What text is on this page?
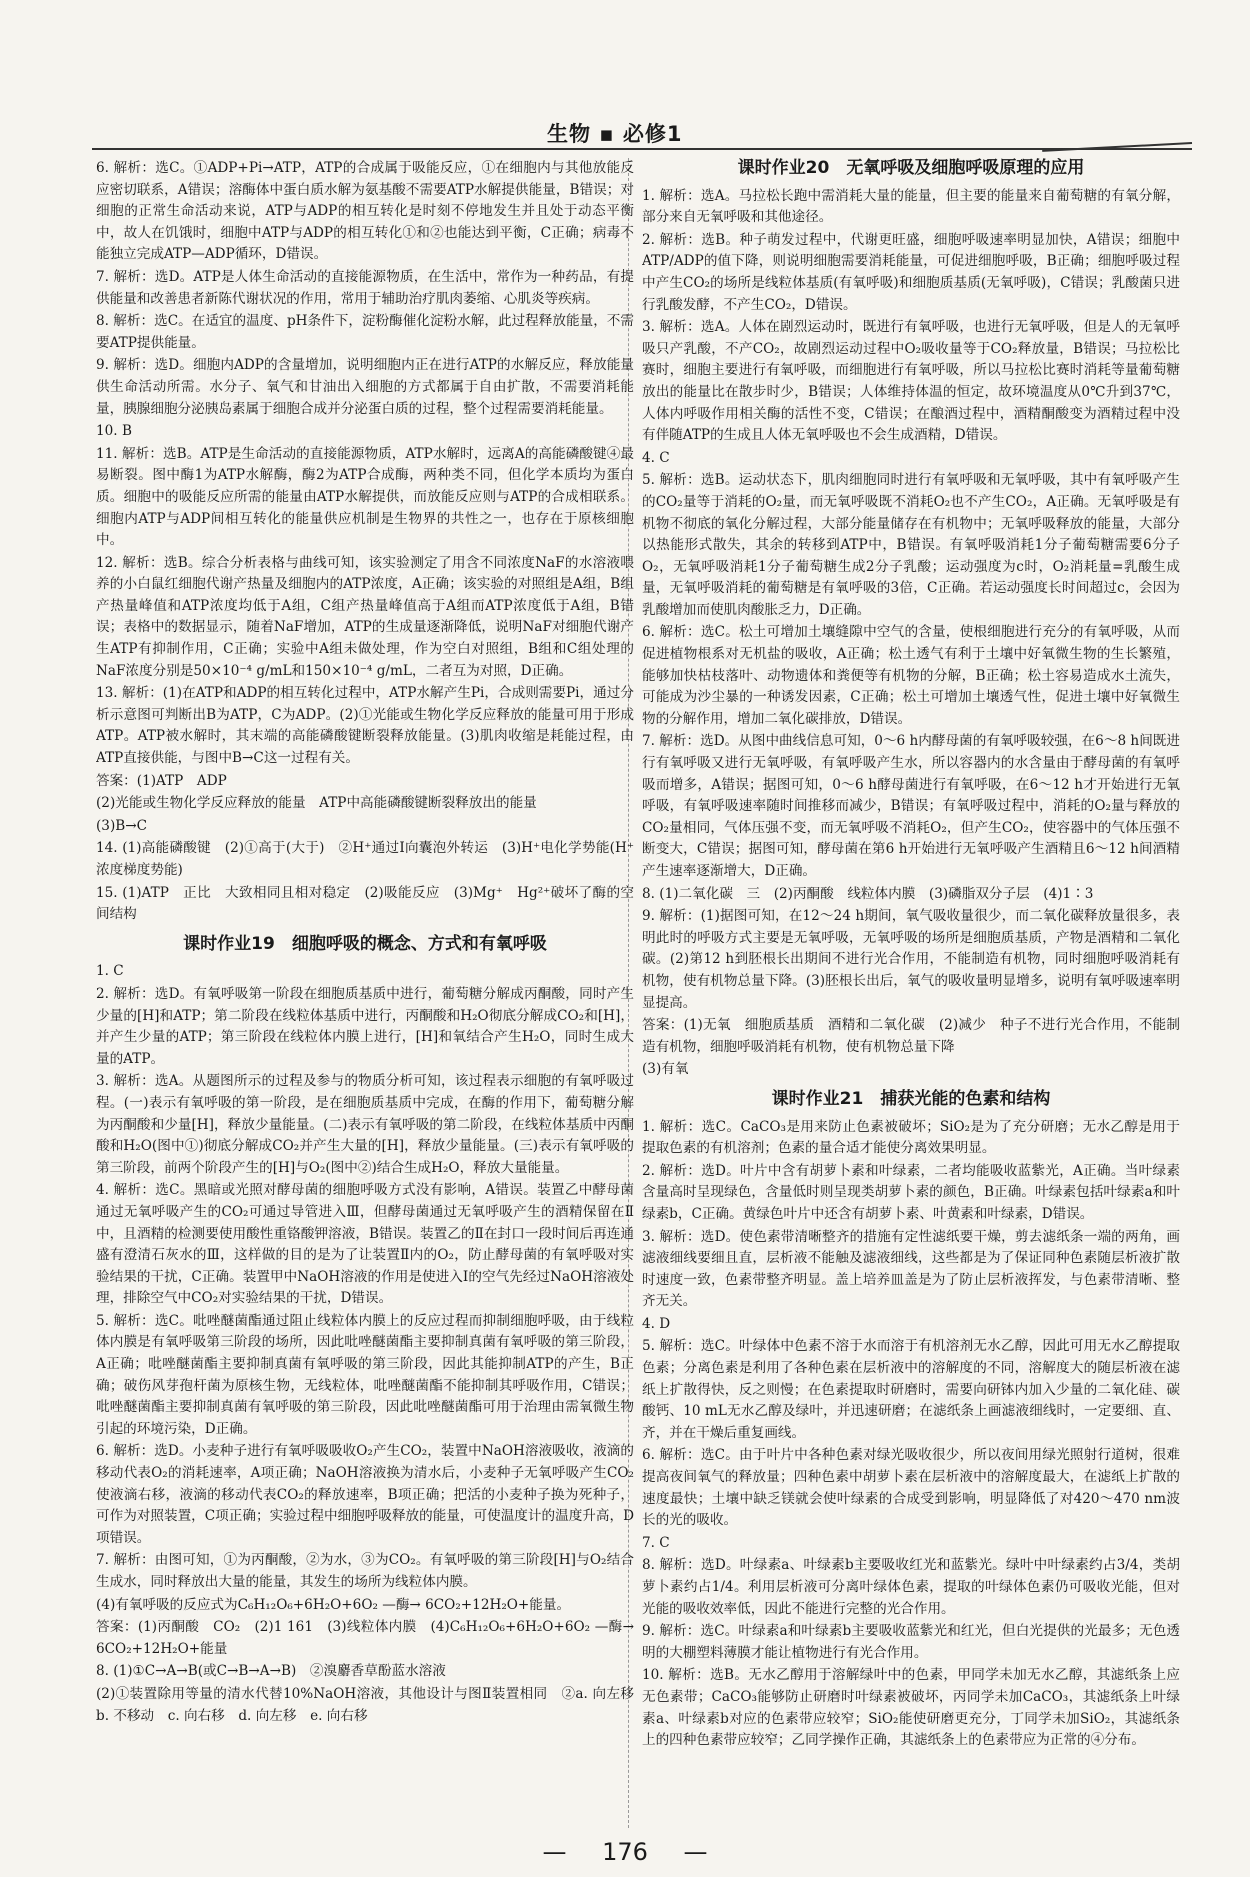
生物 ▪ 必修1

6. 解析：选C。①ADP+Pi→ATP，ATP的合成属于吸能反应，①在细胞内与其他放能反应密切联系，A错误；溶酶体中蛋白质水解为氨基酸不需要ATP水解提供能量，B错误；对细胞的正常生命活动来说，ATP与ADP的相互转化是时刻不停地发生并且处于动态平衡中，故人在饥饿时，细胞中ATP与ADP的相互转化①和②也能达到平衡，C正确；病毒不能独立完成ATP—ADP循环，D错误。

7. 解析：选D。ATP是人体生命活动的直接能源物质，在生活中，常作为一种药品，有提供能量和改善患者新陈代谢状况的作用，常用于辅助治疗肌肉萎缩、心肌炎等疾病。

8. 解析：选C。在适宜的温度、pH条件下，淀粉酶催化淀粉水解，此过程释放能量，不需要ATP提供能量。

9. 解析：选D。细胞内ADP的含量增加，说明细胞内正在进行ATP的水解反应，释放能量供生命活动所需。水分子、氧气和甘油出入细胞的方式都属于自由扩散，不需要消耗能量，胰腺细胞分泌胰岛素属于细胞合成并分泌蛋白质的过程，整个过程需要消耗能量。

10. B

11. 解析：选B。ATP是生命活动的直接能源物质，ATP水解时，远离A的高能磷酸键④最易断裂。图中酶1为ATP水解酶，酶2为ATP合成酶，两种类不同，但化学本质均为蛋白质。细胞中的吸能反应所需的能量由ATP水解提供，而放能反应则与ATP的合成相联系。细胞内ATP与ADP间相互转化的能量供应机制是生物界的共性之一，也存在于原核细胞中。

12. 解析：选B。综合分析表格与曲线可知，该实验测定了用含不同浓度NaF的水溶液喂养的小白鼠红细胞代谢产热量及细胞内的ATP浓度，A正确；该实验的对照组是A组，B组产热量峰值和ATP浓度均低于A组，C组产热量峰值高于A组而ATP浓度低于A组，B错误；表格中的数据显示，随着NaF增加，ATP的生成量逐渐降低，说明NaF对细胞代谢产生ATP有抑制作用，C正确；实验中A组未做处理，作为空白对照组，B组和C组处理的NaF浓度分别是50×10⁻⁴ g/mL和150×10⁻⁴ g/mL，二者互为对照，D正确。

13. 解析：(1)在ATP和ADP的相互转化过程中，ATP水解产生Pi，合成则需要Pi，通过分析示意图可判断出B为ATP，C为ADP。(2)①光能或生物化学反应释放的能量可用于形成ATP。ATP被水解时，其末端的高能磷酸键断裂释放能量。(3)肌肉收缩是耗能过程，由ATP直接供能，与图中B→C这一过程有关。

答案：(1)ATP　ADP

(2)光能或生物化学反应释放的能量　ATP中高能磷酸键断裂释放出的能量

(3)B→C

14. (1)高能磷酸键　(2)①高于(大于)　②H⁺通过Ⅰ向囊泡外转运　(3)H⁺电化学势能(H⁺浓度梯度势能)

15. (1)ATP　正比　大致相同且相对稳定　(2)吸能反应　(3)Mg⁺　Hg²⁺破坏了酶的空间结构

课时作业19　细胞呼吸的概念、方式和有氧呼吸

1. C

2. 解析：选D。有氧呼吸第一阶段在细胞质基质中进行，葡萄糖分解成丙酮酸，同时产生少量的[H]和ATP；第二阶段在线粒体基质中进行，丙酮酸和H₂O彻底分解成CO₂和[H]，并产生少量的ATP；第三阶段在线粒体内膜上进行，[H]和氧结合产生H₂O，同时生成大量的ATP。

3. 解析：选A。从题图所示的过程及参与的物质分析可知，该过程表示细胞的有氧呼吸过程。(一)表示有氧呼吸的第一阶段，是在细胞质基质中完成，在酶的作用下，葡萄糖分解为丙酮酸和少量[H]，释放少量能量。(二)表示有氧呼吸的第二阶段，在线粒体基质中丙酮酸和H₂O(图中①)彻底分解成CO₂并产生大量的[H]，释放少量能量。(三)表示有氧呼吸的第三阶段，前两个阶段产生的[H]与O₂(图中②)结合生成H₂O，释放大量能量。

4. 解析：选C。黑暗或光照对酵母菌的细胞呼吸方式没有影响，A错误。装置乙中酵母菌通过无氧呼吸产生的CO₂可通过导管进入Ⅲ，但酵母菌通过无氧呼吸产生的酒精保留在Ⅱ中，且酒精的检测要使用酸性重铬酸钾溶液，B错误。装置乙的Ⅱ在封口一段时间后再连通盛有澄清石灰水的Ⅲ，这样做的目的是为了让装置Ⅱ内的O₂，防止酵母菌的有氧呼吸对实验结果的干扰，C正确。装置甲中NaOH溶液的作用是使进入Ⅰ的空气先经过NaOH溶液处理，排除空气中CO₂对实验结果的干扰，D错误。

5. 解析：选C。吡唑醚菌酯通过阻止线粒体内膜上的反应过程而抑制细胞呼吸，由于线粒体内膜是有氧呼吸第三阶段的场所，因此吡唑醚菌酯主要抑制真菌有氧呼吸的第三阶段，A正确；吡唑醚菌酯主要抑制真菌有氧呼吸的第三阶段，因此其能抑制ATP的产生，B正确；破伤风芽孢杆菌为原核生物，无线粒体，吡唑醚菌酯不能抑制其呼吸作用，C错误；吡唑醚菌酯主要抑制真菌有氧呼吸的第三阶段，因此吡唑醚菌酯可用于治理由需氧微生物引起的环境污染，D正确。

6. 解析：选D。小麦种子进行有氧呼吸吸收O₂产生CO₂，装置中NaOH溶液吸收，液滴的移动代表O₂的消耗速率，A项正确；NaOH溶液换为清水后，小麦种子无氧呼吸产生CO₂使液滴右移，液滴的移动代表CO₂的释放速率，B项正确；把活的小麦种子换为死种子，可作为对照装置，C项正确；实验过程中细胞呼吸释放的能量，可使温度计的温度升高，D项错误。

7. 解析：由图可知，①为丙酮酸，②为水，③为CO₂。有氧呼吸的第三阶段[H]与O₂结合生成水，同时释放出大量的能量，其发生的场所为线粒体内膜。

(4)有氧呼吸的反应式为C₆H₁₂O₆+6H₂O+6O₂ —酶→ 6CO₂+12H₂O+能量。

答案：(1)丙酮酸　CO₂　(2)1 161　(3)线粒体内膜　(4)C₆H₁₂O₆+6H₂O+6O₂ —酶→ 6CO₂+12H₂O+能量

8. (1)①C→A→B(或C→B→A→B)　②溴麝香草酚蓝水溶液

(2)①装置除用等量的清水代替10%NaOH溶液，其他设计与图Ⅱ装置相同　②a. 向左移　b. 不移动　c. 向右移　d. 向左移　e. 向右移

课时作业20　无氧呼吸及细胞呼吸原理的应用

1. 解析：选A。马拉松长跑中需消耗大量的能量，但主要的能量来自葡萄糖的有氧分解，部分来自无氧呼吸和其他途径。

2. 解析：选B。种子萌发过程中，代谢更旺盛，细胞呼吸速率明显加快，A错误；细胞中ATP/ADP的值下降，则说明细胞需要消耗能量，可促进细胞呼吸，B正确；细胞呼吸过程中产生CO₂的场所是线粒体基质(有氧呼吸)和细胞质基质(无氧呼吸)，C错误；乳酸菌只进行乳酸发酵，不产生CO₂，D错误。

3. 解析：选A。人体在剧烈运动时，既进行有氧呼吸，也进行无氧呼吸，但是人的无氧呼吸只产乳酸，不产CO₂，故剧烈运动过程中O₂吸收量等于CO₂释放量，B错误；马拉松比赛时，细胞主要进行有氧呼吸，而细胞进行有氧呼吸，所以马拉松比赛时消耗等量葡萄糖放出的能量比在散步时少，B错误；人体维持体温的恒定，故环境温度从0℃升到37℃，人体内呼吸作用相关酶的活性不变，C错误；在酿酒过程中，酒精酮酸变为酒精过程中没有伴随ATP的生成且人体无氧呼吸也不会生成酒精，D错误。

4. C

5. 解析：选B。运动状态下，肌肉细胞同时进行有氧呼吸和无氧呼吸，其中有氧呼吸产生的CO₂量等于消耗的O₂量，而无氧呼吸既不消耗O₂也不产生CO₂，A正确。无氧呼吸是有机物不彻底的氧化分解过程，大部分能量储存在有机物中；无氧呼吸释放的能量，大部分以热能形式散失，其余的转移到ATP中，B错误。有氧呼吸消耗1分子葡萄糖需要6分子O₂，无氧呼吸消耗1分子葡萄糖生成2分子乳酸；运动强度为c时，O₂消耗量=乳酸生成量，无氧呼吸消耗的葡萄糖是有氧呼吸的3倍，C正确。若运动强度长时间超过c，会因为乳酸增加而使肌肉酸胀乏力，D正确。

6. 解析：选C。松土可增加土壤缝隙中空气的含量，使根细胞进行充分的有氧呼吸，从而促进植物根系对无机盐的吸收，A正确；松土透气有利于土壤中好氧微生物的生长繁殖，能够加快枯枝落叶、动物遗体和粪便等有机物的分解，B正确；松土容易造成水土流失，可能成为沙尘暴的一种诱发因素，C正确；松土可增加土壤透气性，促进土壤中好氧微生物的分解作用，增加二氧化碳排放，D错误。

7. 解析：选D。从图中曲线信息可知，0～6 h内酵母菌的有氧呼吸较强，在6～8 h间既进行有氧呼吸又进行无氧呼吸，有氧呼吸产生水，所以容器内的水含量由于酵母菌的有氧呼吸而增多，A错误；据图可知，0～6 h酵母菌进行有氧呼吸，在6～12 h才开始进行无氧呼吸，有氧呼吸速率随时间推移而减少，B错误；有氧呼吸过程中，消耗的O₂量与释放的CO₂量相同，气体压强不变，而无氧呼吸不消耗O₂，但产生CO₂，使容器中的气体压强不断变大，C错误；据图可知，酵母菌在第6 h开始进行无氧呼吸产生酒精且6～12 h间酒精产生速率逐渐增大，D正确。

8. (1)二氧化碳　三　(2)丙酮酸　线粒体内膜　(3)磷脂双分子层　(4)1∶3

9. 解析：(1)据图可知，在12～24 h期间，氧气吸收量很少，而二氧化碳释放量很多，表明此时的呼吸方式主要是无氧呼吸，无氧呼吸的场所是细胞质基质，产物是酒精和二氧化碳。(2)第12 h到胚根长出期间不进行光合作用，不能制造有机物，同时细胞呼吸消耗有机物，使有机物总量下降。(3)胚根长出后，氧气的吸收量明显增多，说明有氧呼吸速率明显提高。

答案：(1)无氧　细胞质基质　酒精和二氧化碳　(2)减少　种子不进行光合作用，不能制造有机物，细胞呼吸消耗有机物，使有机物总量下降

(3)有氧

课时作业21　捕获光能的色素和结构

1. 解析：选C。CaCO₃是用来防止色素被破坏；SiO₂是为了充分研磨；无水乙醇是用于提取色素的有机溶剂；色素的量合适才能使分离效果明显。

2. 解析：选D。叶片中含有胡萝卜素和叶绿素，二者均能吸收蓝紫光，A正确。当叶绿素含量高时呈现绿色，含量低时则呈现类胡萝卜素的颜色，B正确。叶绿素包括叶绿素a和叶绿素b，C正确。黄绿色叶片中还含有胡萝卜素、叶黄素和叶绿素，D错误。

3. 解析：选D。使色素带清晰整齐的措施有定性滤纸要干燥，剪去滤纸条一端的两角，画滤液细线要细且直，层析液不能触及滤液细线，这些都是为了保证同种色素随层析液扩散时速度一致，色素带整齐明显。盖上培养皿盖是为了防止层析液挥发，与色素带清晰、整齐无关。

4. D

5. 解析：选C。叶绿体中色素不溶于水而溶于有机溶剂无水乙醇，因此可用无水乙醇提取色素；分离色素是利用了各种色素在层析液中的溶解度的不同，溶解度大的随层析液在滤纸上扩散得快，反之则慢；在色素提取时研磨时，需要向研钵内加入少量的二氧化硅、碳酸钙、10 mL无水乙醇及绿叶，并迅速研磨；在滤纸条上画滤液细线时，一定要细、直、齐，并在干燥后重复画线。

6. 解析：选C。由于叶片中各种色素对绿光吸收很少，所以夜间用绿光照射行道树，很难提高夜间氧气的释放量；四种色素中胡萝卜素在层析液中的溶解度最大，在滤纸上扩散的速度最快；土壤中缺乏镁就会使叶绿素的合成受到影响，明显降低了对420～470 nm波长的光的吸收。

7. C

8. 解析：选D。叶绿素a、叶绿素b主要吸收红光和蓝紫光。绿叶中叶绿素约占3/4，类胡萝卜素约占1/4。利用层析液可分离叶绿体色素，提取的叶绿体色素仍可吸收光能，但对光能的吸收效率低，因此不能进行完整的光合作用。

9. 解析：选C。叶绿素a和叶绿素b主要吸收蓝紫光和红光，但白光提供的光最多；无色透明的大棚塑料薄膜才能让植物进行有光合作用。

10. 解析：选B。无水乙醇用于溶解绿叶中的色素，甲同学未加无水乙醇，其滤纸条上应无色素带；CaCO₃能够防止研磨时叶绿素被破坏，丙同学未加CaCO₃，其滤纸条上叶绿素a、叶绿素b对应的色素带应较窄；SiO₂能使研磨更充分，丁同学未加SiO₂，其滤纸条上的四种色素带应较窄；乙同学操作正确，其滤纸条上的色素带应为正常的④分布。

— 176 —
